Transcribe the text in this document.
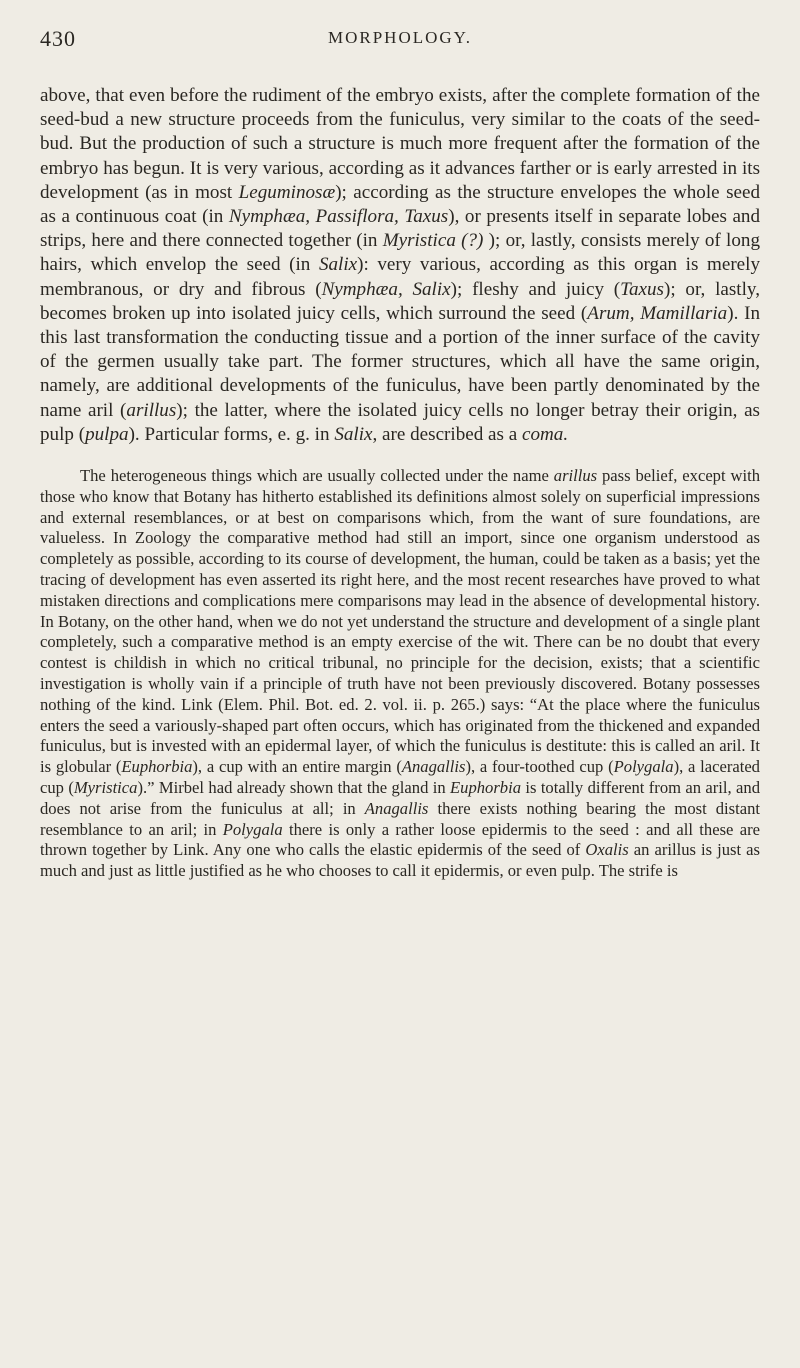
430	MORPHOLOGY.

above, that even before the rudiment of the embryo exists, after the complete formation of the seed-bud a new structure proceeds from the funiculus, very similar to the coats of the seed-bud. But the production of such a structure is much more frequent after the formation of the embryo has begun. It is very various, according as it advances farther or is early arrested in its development (as in most Leguminosæ); according as the structure envelopes the whole seed as a continuous coat (in Nymphæa, Passiflora, Taxus), or presents itself in separate lobes and strips, here and there connected together (in Myristica (?) ); or, lastly, consists merely of long hairs, which envelop the seed (in Salix): very various, according as this organ is merely membranous, or dry and fibrous (Nymphæa, Salix); fleshy and juicy (Taxus); or, lastly, becomes broken up into isolated juicy cells, which surround the seed (Arum, Mamillaria). In this last transformation the conducting tissue and a portion of the inner surface of the cavity of the germen usually take part. The former structures, which all have the same origin, namely, are additional developments of the funiculus, have been partly denominated by the name aril (arillus); the latter, where the isolated juicy cells no longer betray their origin, as pulp (pulpa). Particular forms, e. g. in Salix, are described as a coma.

The heterogeneous things which are usually collected under the name arillus pass belief, except with those who know that Botany has hitherto established its definitions almost solely on superficial impressions and external resemblances, or at best on comparisons which, from the want of sure foundations, are valueless. In Zoology the comparative method had still an import, since one organism understood as completely as possible, according to its course of development, the human, could be taken as a basis; yet the tracing of development has even asserted its right here, and the most recent researches have proved to what mistaken directions and complications mere comparisons may lead in the absence of developmental history. In Botany, on the other hand, when we do not yet understand the structure and development of a single plant completely, such a comparative method is an empty exercise of the wit. There can be no doubt that every contest is childish in which no critical tribunal, no principle for the decision, exists; that a scientific investigation is wholly vain if a principle of truth have not been previously discovered. Botany possesses nothing of the kind. Link (Elem. Phil. Bot. ed. 2. vol. ii. p. 265.) says: “At the place where the funiculus enters the seed a variously-shaped part often occurs, which has originated from the thickened and expanded funiculus, but is invested with an epidermal layer, of which the funiculus is destitute: this is called an aril. It is globular (Euphorbia), a cup with an entire margin (Anagallis), a four-toothed cup (Polygala), a lacerated cup (Myristica).” Mirbel had already shown that the gland in Euphorbia is totally different from an aril, and does not arise from the funiculus at all; in Anagallis there exists nothing bearing the most distant resemblance to an aril; in Polygala there is only a rather loose epidermis to the seed : and all these are thrown together by Link. Any one who calls the elastic epidermis of the seed of Oxalis an arillus is just as much and just as little justified as he who chooses to call it epidermis, or even pulp. The strife is
